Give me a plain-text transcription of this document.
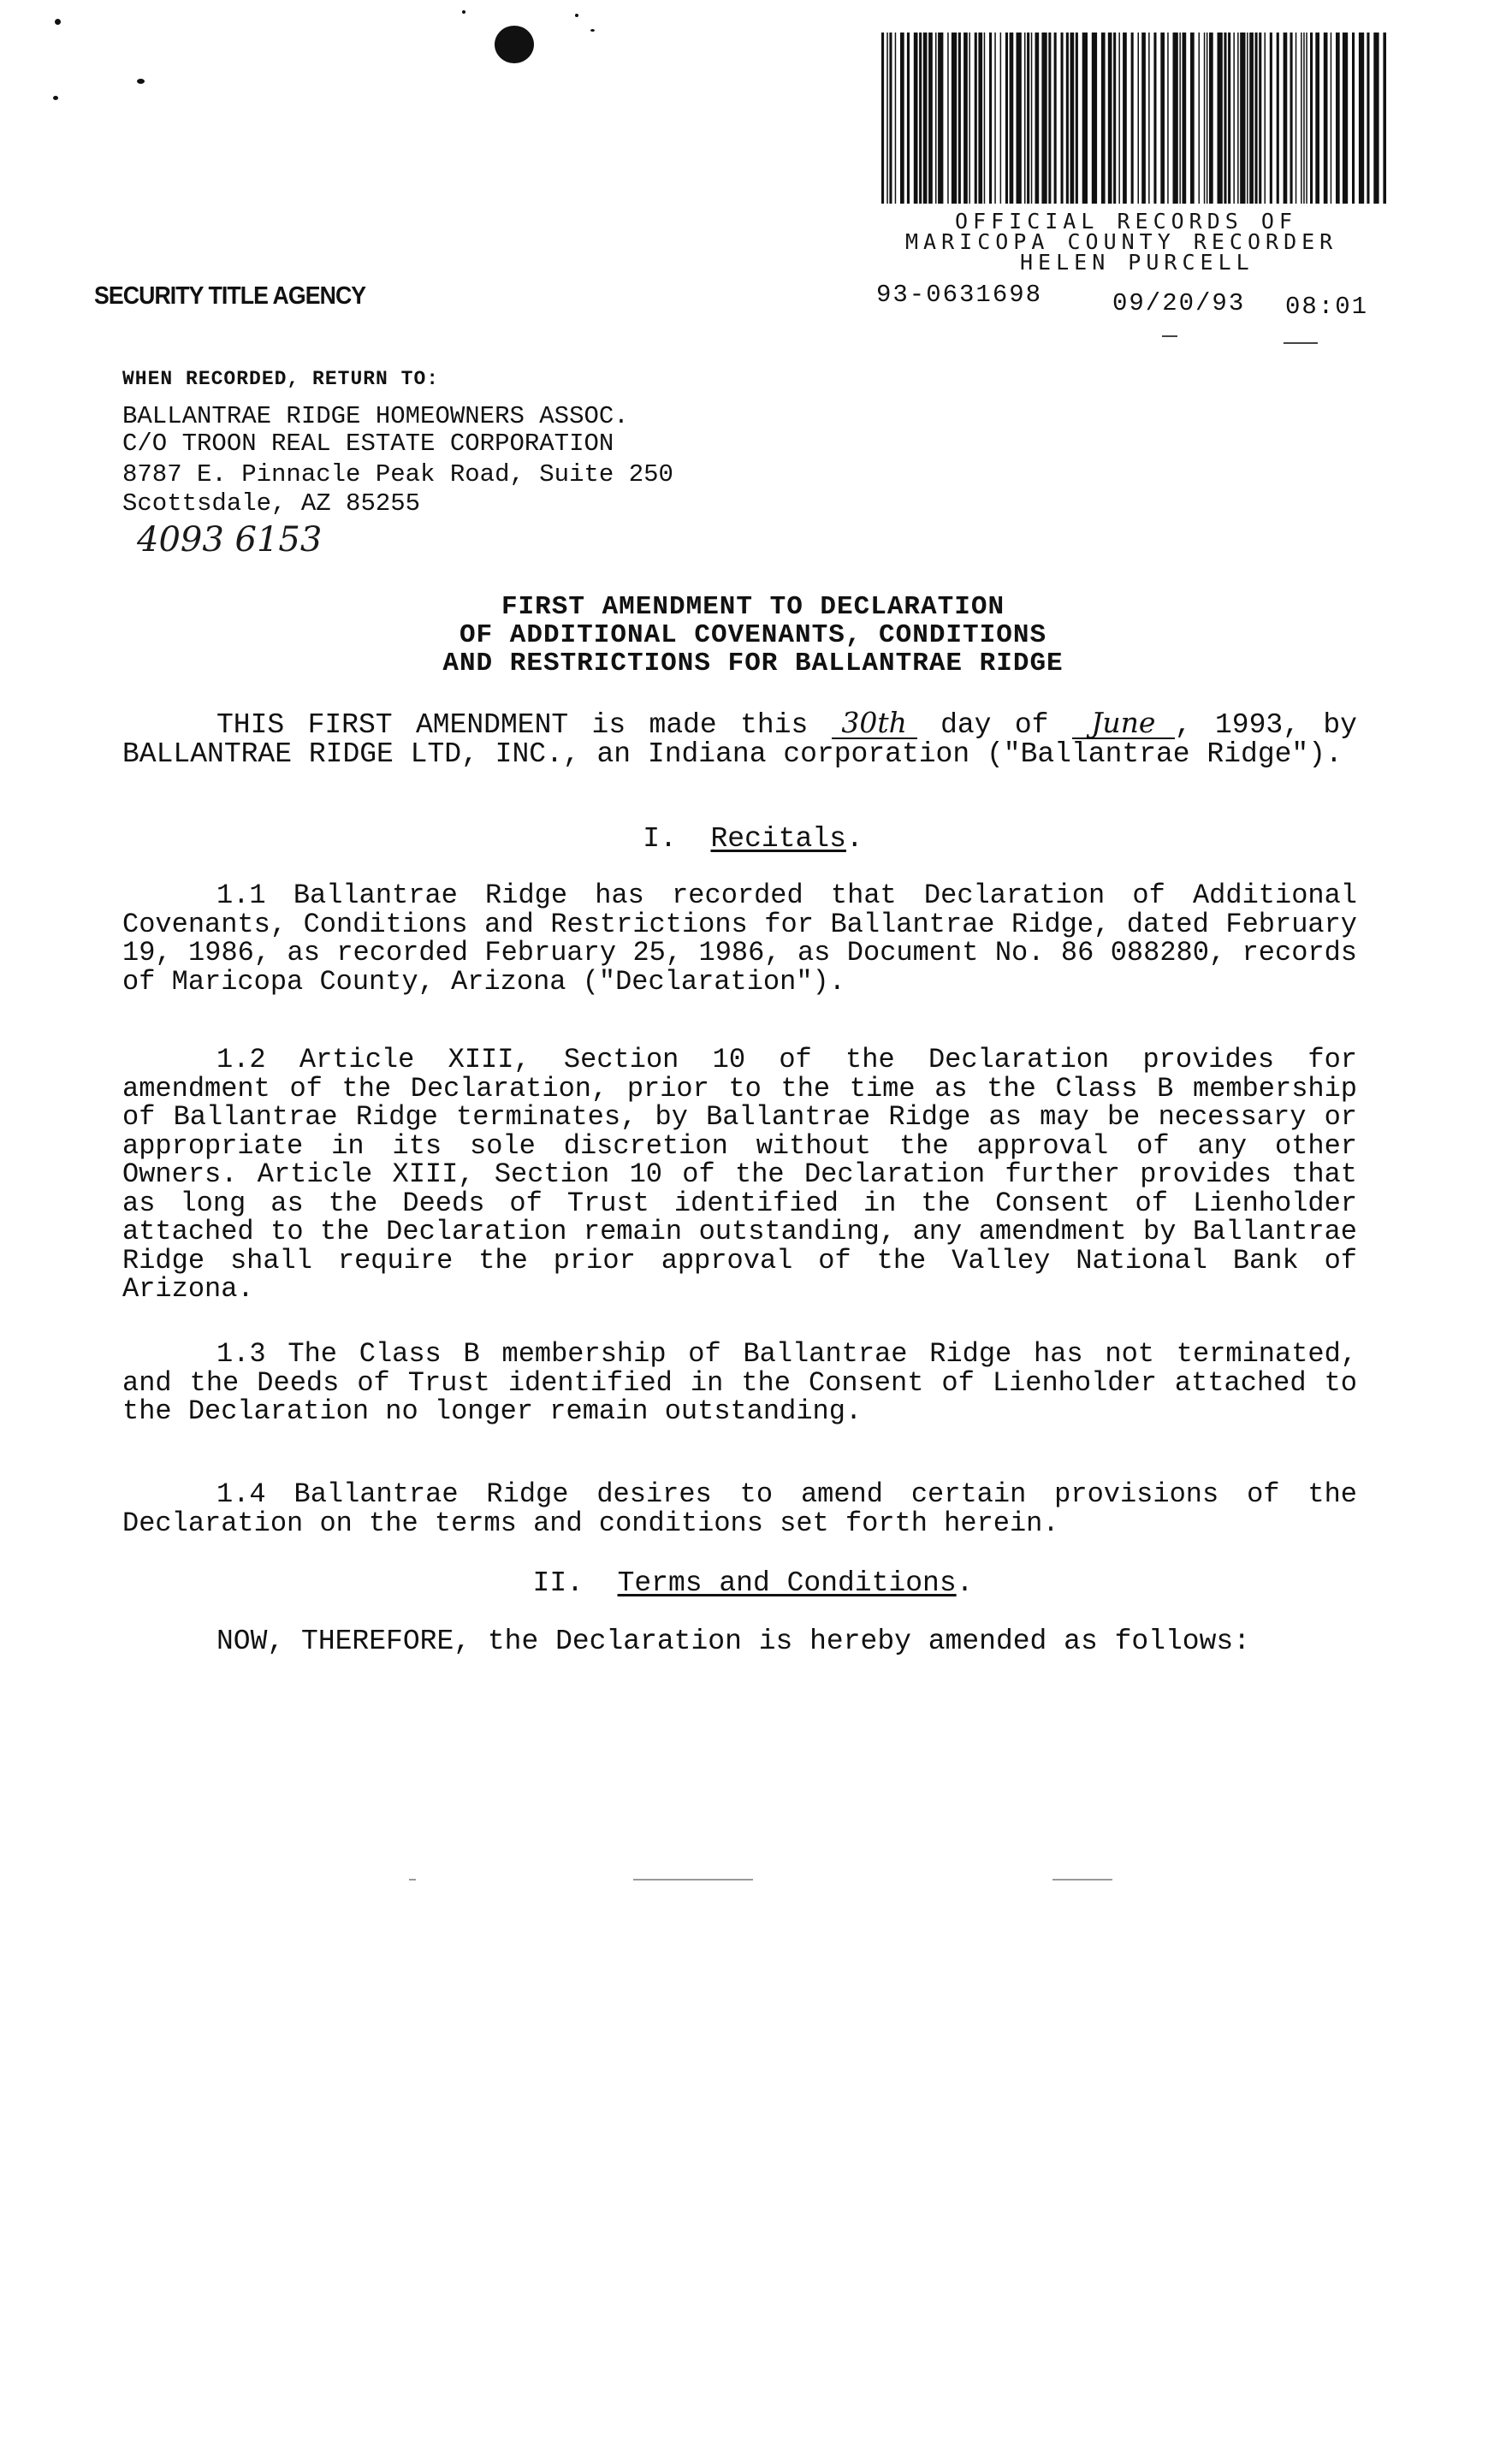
OFFICIAL RECORDS OF
MARICOPA COUNTY RECORDER
HELEN PURCELL
93-0631698	09/20/93 08:01
SECURITY TITLE AGENCY
WHEN RECORDED, RETURN TO:
BALLANTRAE RIDGE HOMEOWNERS ASSOC.
C/O TROON REAL ESTATE CORPORATION
8787 E. Pinnacle Peak Road, Suite 250
Scottsdale, AZ 85255
4093 6153
FIRST AMENDMENT TO DECLARATION
OF ADDITIONAL COVENANTS, CONDITIONS
AND RESTRICTIONS FOR BALLANTRAE RIDGE
THIS FIRST AMENDMENT is made this 30th day of June , 1993, by BALLANTRAE RIDGE LTD, INC., an Indiana corporation ("Ballantrae Ridge").
I. Recitals.
1.1 Ballantrae Ridge has recorded that Declaration of Additional Covenants, Conditions and Restrictions for Ballantrae Ridge, dated February 19, 1986, as recorded February 25, 1986, as Document No. 86 088280, records of Maricopa County, Arizona ("Declaration").
1.2 Article XIII, Section 10 of the Declaration provides for amendment of the Declaration, prior to the time as the Class B membership of Ballantrae Ridge terminates, by Ballantrae Ridge as may be necessary or appropriate in its sole discretion without the approval of any other Owners. Article XIII, Section 10 of the Declaration further provides that as long as the Deeds of Trust identified in the Consent of Lienholder attached to the Declaration remain outstanding, any amendment by Ballantrae Ridge shall require the prior approval of the Valley National Bank of Arizona.
1.3 The Class B membership of Ballantrae Ridge has not terminated, and the Deeds of Trust identified in the Consent of Lienholder attached to the Declaration no longer remain outstanding.
1.4 Ballantrae Ridge desires to amend certain provisions of the Declaration on the terms and conditions set forth herein.
II. Terms and Conditions.
NOW, THEREFORE, the Declaration is hereby amended as follows:
